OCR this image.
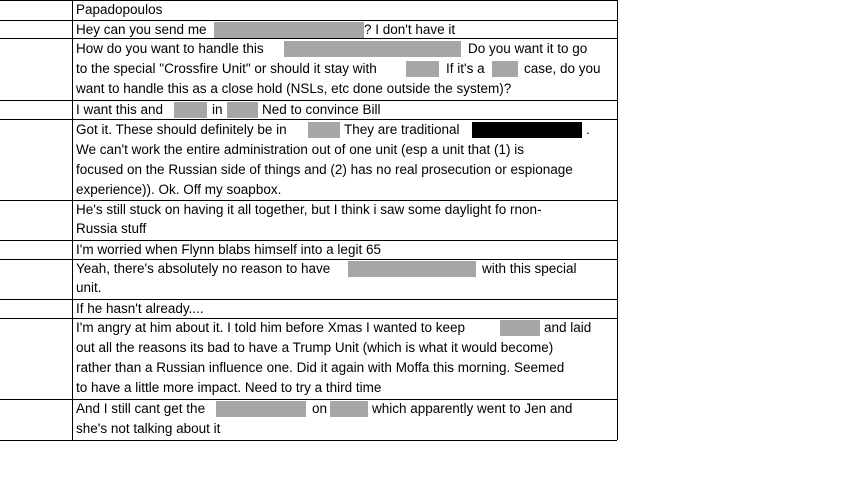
Papadopoulos
Hey can you send me	? I don't have it
How do you want to handle this	Do you want it to go
to the special "Crossfire Unit" or should it stay with	If it's a	case, do you
want to handle this as a close hold (NSLs, etc done outside the system)?
I want this and	in	Ned to convince Bill
Got it. These should definitely be in	They are traditional	.
We can't work the entire administration out of one unit (esp a unit that (1) is
focused on the Russian side of things and (2) has no real prosecution or espionage
experience)). Ok. Off my soapbox.
He's still stuck on having it all together, but I think i saw some daylight fo rnon-
Russia stuff
I'm worried when Flynn blabs himself into a legit 65
Yeah, there's absolutely no reason to have	with this special
unit.
If he hasn't already....
I'm angry at him about it. I told him before Xmas I wanted to keep	and laid
out all the reasons its bad to have a Trump Unit (which is what it would become)
rather than a Russian influence one. Did it again with Moffa this morning. Seemed
to have a little more impact. Need to try a third time
And I still cant get the	on	which apparently went to Jen and
she's not talking about it
